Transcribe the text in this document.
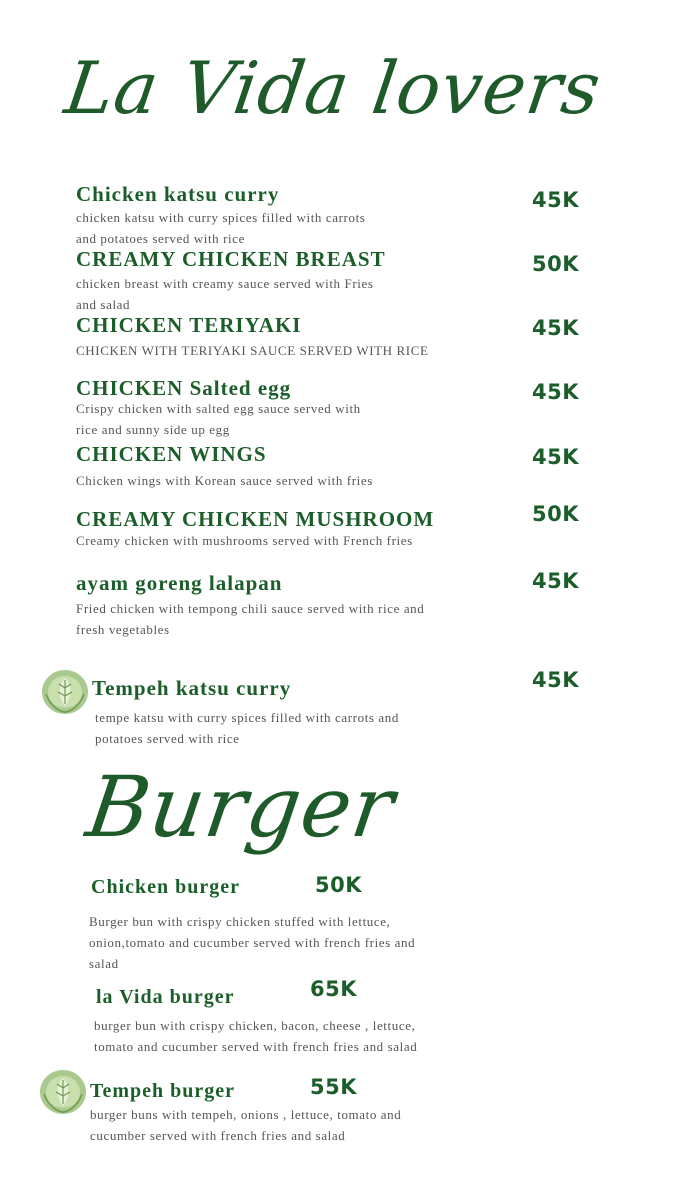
La Vida lovers
Chicken katsu curry	45K
chicken katsu with curry spices filled with carrots
and potatoes served with rice
CREAMY CHICKEN BREAST	50K
chicken breast with creamy sauce served with Fries
and salad
CHICKEN TERIYAKI	45K
CHICKEN WITH TERIYAKI SAUCE SERVED WITH RICE
CHICKEN Salted egg	45K
Crispy chicken with salted egg sauce served with
rice and sunny side up egg
CHICKEN WINGS	45K
Chicken wings with Korean sauce served with fries
CREAMY CHICKEN MUSHROOM	50K
Creamy chicken with mushrooms served with French fries
ayam goreng lalapan	45K
Fried chicken with tempong chili sauce served with rice and
fresh vegetables
Tempeh katsu curry	45K
tempe katsu with curry spices filled with carrots and
potatoes served with rice
Burger
Chicken burger	50K
Burger bun with crispy chicken stuffed with lettuce,
onion,tomato and cucumber served with french fries and
salad
la Vida burger	65K
burger bun with crispy chicken, bacon, cheese , lettuce,
tomato and cucumber served with french fries and salad
Tempeh burger	55K
burger buns with tempeh, onions , lettuce, tomato and
cucumber served with french fries and salad
